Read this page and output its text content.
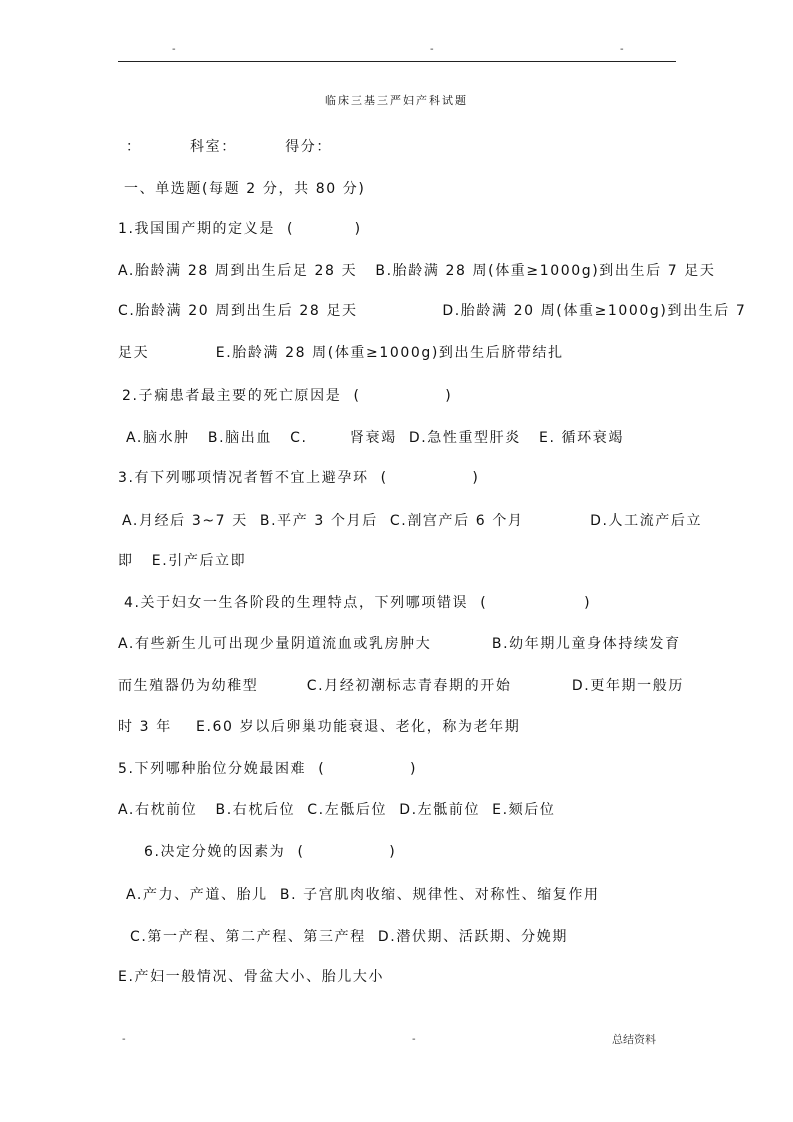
-	-	-
临床三基三严妇产科试题
：        科室：        得分：
一、单选题(每题 2 分，共 80 分)
1.我国围产期的定义是  (          )
A.胎龄满 28 周到出生后足 28 天   B.胎龄满 28 周(体重≥1000g)到出生后 7 足天
C.胎龄满 20 周到出生后 28 足天              D.胎龄满 20 周(体重≥1000g)到出生后 7
足天           E.胎龄满 28 周(体重≥1000g)到出生后脐带结扎
2.子痫患者最主要的死亡原因是  (              )
A.脑水肿   B.脑出血   C.       肾衰竭  D.急性重型肝炎   E. 循环衰竭
3.有下列哪项情况者暂不宜上避孕环  (              )
A.月经后 3~7 天  B.平产 3 个月后  C.剖宫产后 6 个月           D.人工流产后立
即   E.引产后立即
4.关于妇女一生各阶段的生理特点，下列哪项错误  (                )
A.有些新生儿可出现少量阴道流血或乳房肿大          B.幼年期儿童身体持续发育
而生殖器仍为幼稚型        C.月经初潮标志青春期的开始          D.更年期一般历
时 3 年    E.60 岁以后卵巢功能衰退、老化，称为老年期
5.下列哪种胎位分娩最困难  (              )
A.右枕前位   B.右枕后位  C.左骶后位  D.左骶前位  E.颏后位
6.决定分娩的因素为  (              )
A.产力、产道、胎儿  B. 子宫肌肉收缩、规律性、对称性、缩复作用
C.第一产程、第二产程、第三产程  D.潜伏期、活跃期、分娩期
E.产妇一般情况、骨盆大小、胎儿大小
-	-	总结资料
